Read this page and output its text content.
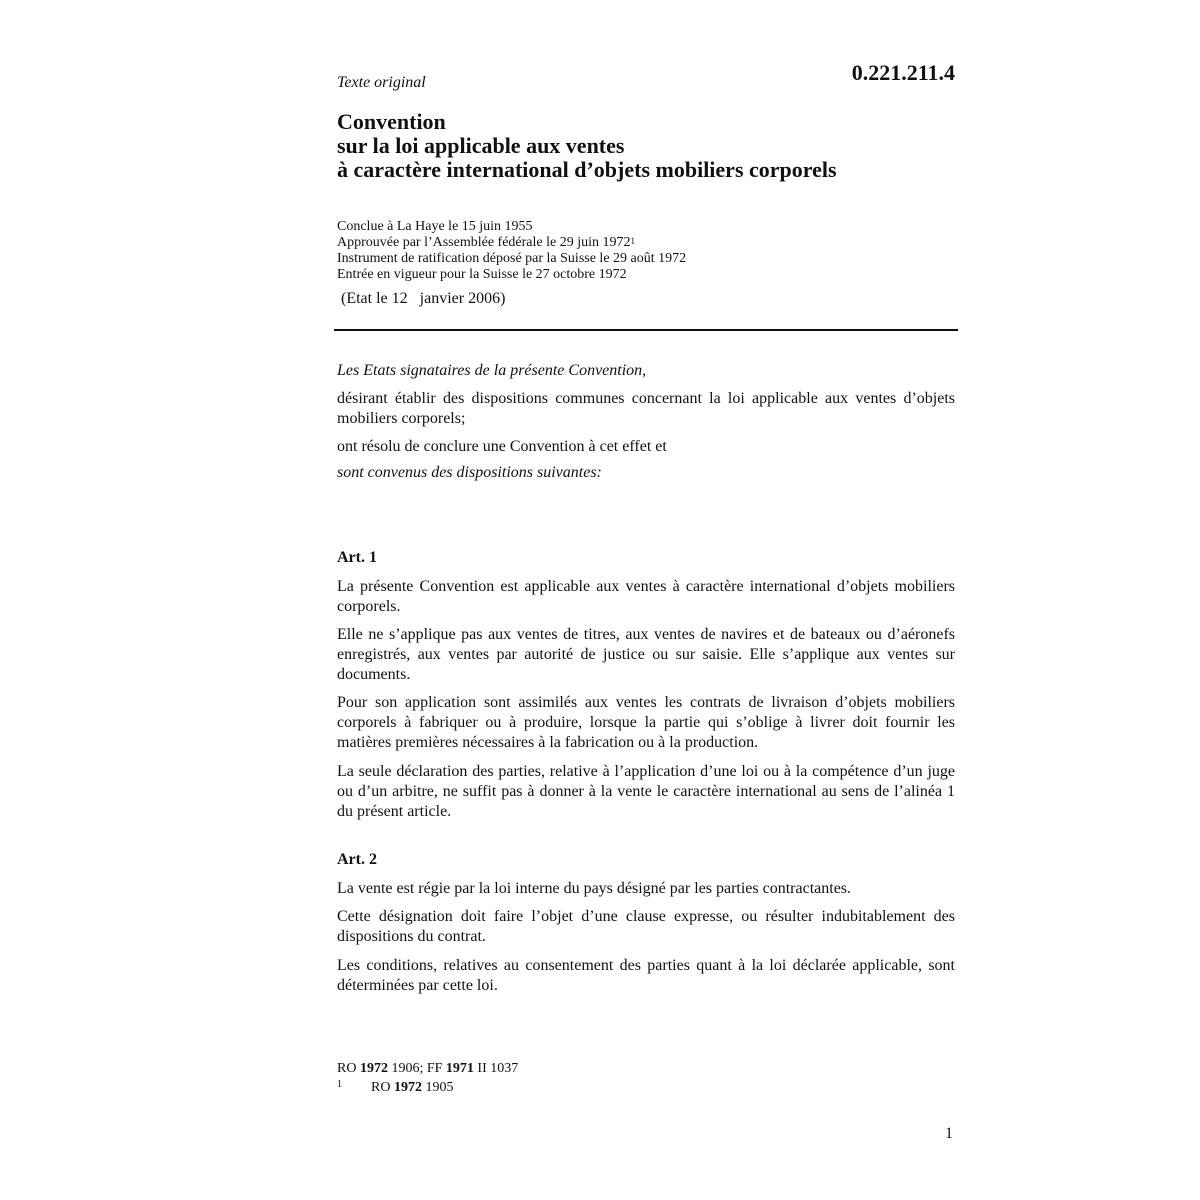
Texte original	0.221.211.4
Convention
sur la loi applicable aux ventes
à caractère international d’objets mobiliers corporels
Conclue à La Haye le 15 juin 1955
Approuvée par l’Assemblée fédérale le 29 juin 1972$^1$
Instrument de ratification déposé par la Suisse le 29 août 1972
Entrée en vigueur pour la Suisse le 27 octobre 1972
(Etat le 12   janvier 2006)
Les Etats signataires de la présente Convention,
désirant établir des dispositions communes concernant la loi applicable aux ventes d’objets mobiliers corporels;
ont résolu de conclure une Convention à cet effet et
sont convenus des dispositions suivantes:
Art. 1
La présente Convention est applicable aux ventes à caractère international d’objets mobiliers corporels.
Elle ne s’applique pas aux ventes de titres, aux ventes de navires et de bateaux ou d’aéronefs enregistrés, aux ventes par autorité de justice ou sur saisie. Elle s’applique aux ventes sur documents.
Pour son application sont assimilés aux ventes les contrats de livraison d’objets mobiliers corporels à fabriquer ou à produire, lorsque la partie qui s’oblige à livrer doit fournir les matières premières nécessaires à la fabrication ou à la production.
La seule déclaration des parties, relative à l’application d’une loi ou à la compétence d’un juge ou d’un arbitre, ne suffit pas à donner à la vente le caractère international au sens de l’alinéa 1 du présent article.
Art. 2
La vente est régie par la loi interne du pays désigné par les parties contractantes.
Cette désignation doit faire l’objet d’une clause expresse, ou résulter indubitablement des dispositions du contrat.
Les conditions, relatives au consentement des parties quant à la loi déclarée applicable, sont déterminées par cette loi.
RO 1972 1906; FF 1971 II 1037
1 RO 1972 1905
1
